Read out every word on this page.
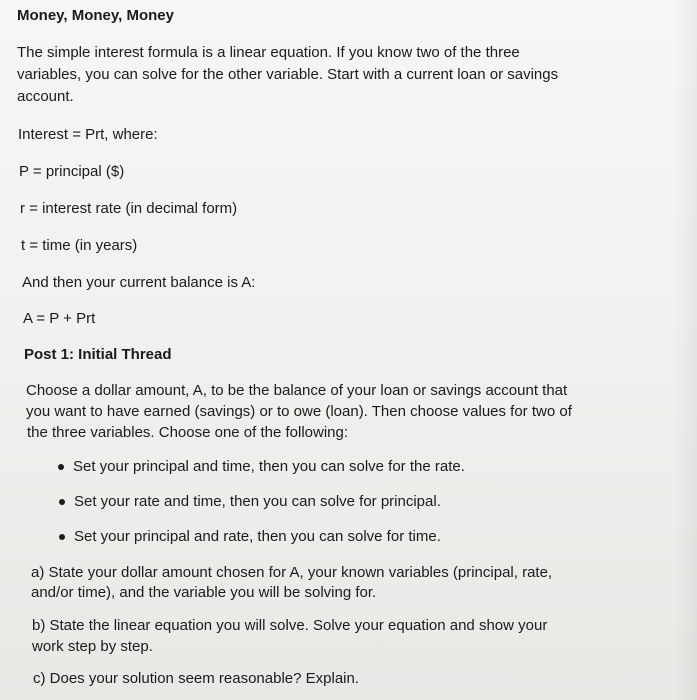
Money, Money, Money
The simple interest formula is a linear equation. If you know two of the three
variables, you can solve for the other variable. Start with a current loan or savings
account.
Interest = Prt, where:
P = principal ($)
r = interest rate (in decimal form)
t = time (in years)
And then your current balance is A:
A = P + Prt
Post 1: Initial Thread
Choose a dollar amount, A, to be the balance of your loan or savings account that
you want to have earned (savings) or to owe (loan). Then choose values for two of
the three variables. Choose one of the following:
Set your principal and time, then you can solve for the rate.
Set your rate and time, then you can solve for principal.
Set your principal and rate, then you can solve for time.
a) State your dollar amount chosen for A, your known variables (principal, rate,
and/or time), and the variable you will be solving for.
b) State the linear equation you will solve. Solve your equation and show your
work step by step.
c) Does your solution seem reasonable? Explain.
